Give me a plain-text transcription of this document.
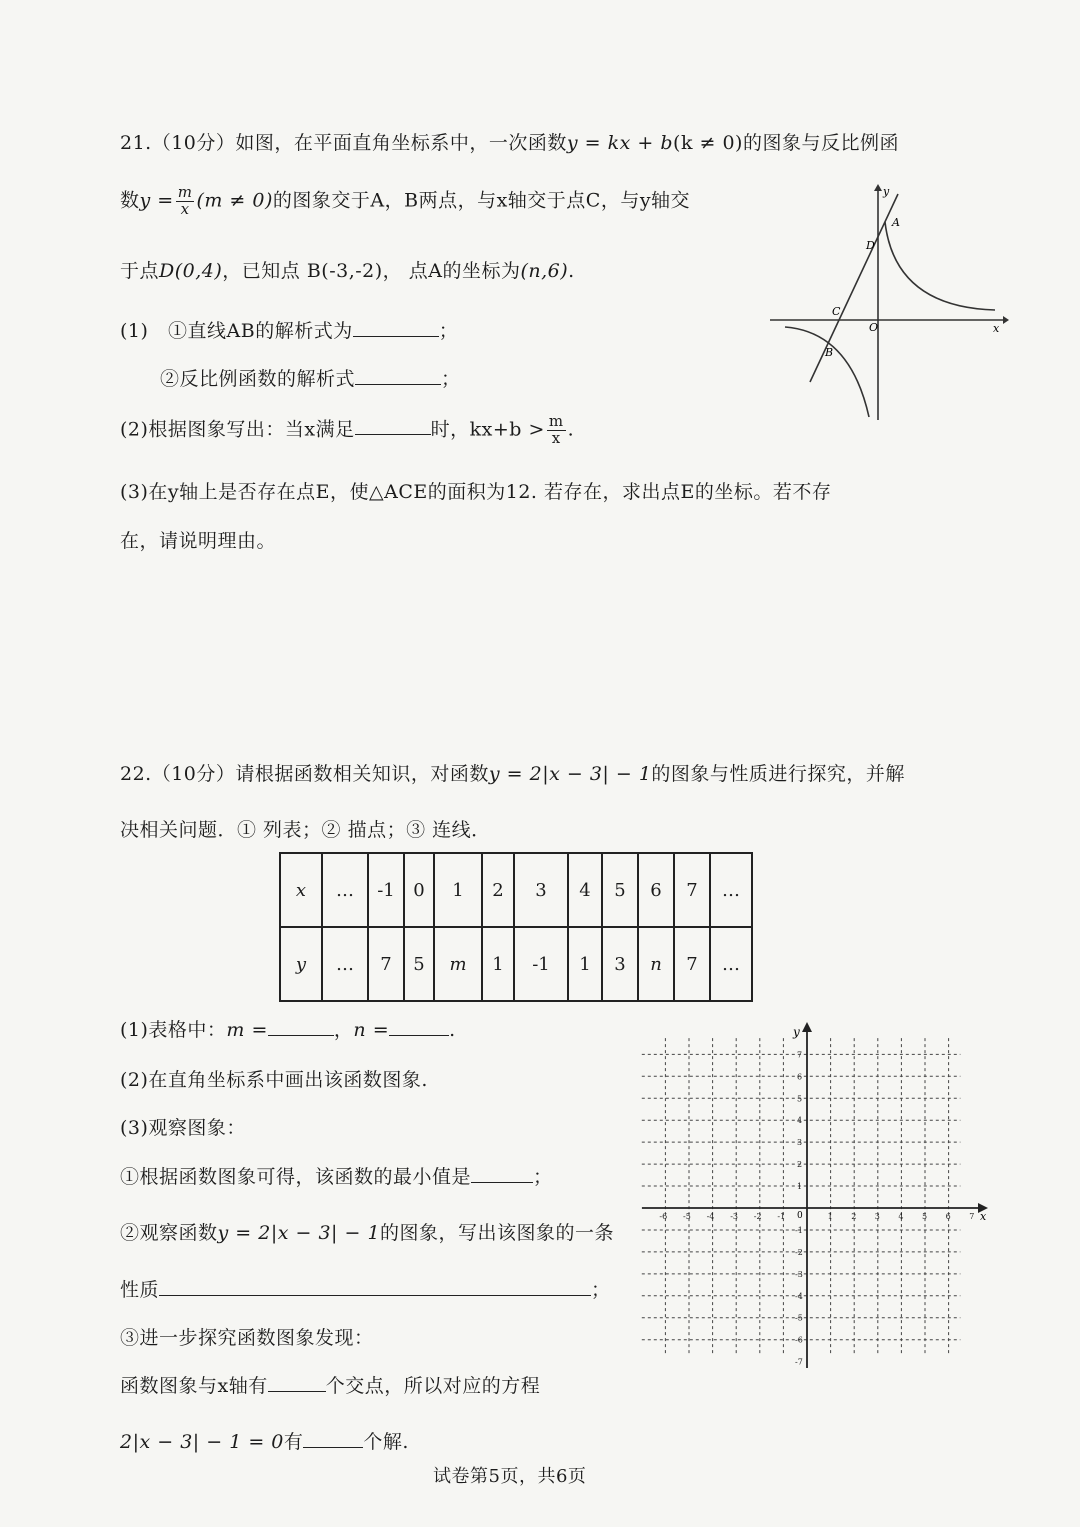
21.（10分）如图，在平面直角坐标系中，一次函数y = kx + b(k ≠ 0)的图象与反比例函
数$y = \frac{m}{x} (m \ne 0)$的图象交于A，B两点，与x轴交于点C，与y轴交
于点D(0,4)，已知点 B(-3,-2)， 点A的坐标为(n,6).
(1) ①直线AB的解析式为	；
②反比例函数的解析式	；
(2)根据图象写出：当x满足	时，$kx+b > \frac{m}{x}$ .
(3)在y轴上是否存在点E，使△ACE的面积为12. 若存在，求出点E的坐标。若不存
在，请说明理由。
y
x
O
A
B
C
D
22.（10分）请根据函数相关知识，对函数y = 2|x − 3| − 1的图象与性质进行探究，并解
决相关问题．① 列表；② 描点；③ 连线．
x	…	-1	0	1	2	3	4	5	6	7	…
y	…	7	5	m	1	-1	1	3	n	7	…
(1)表格中：m =	，n =	.
(2)在直角坐标系中画出该函数图象.
(3)观察图象：
①根据函数图象可得，该函数的最小值是	；
②观察函数y = 2|x − 3| − 1的图象，写出该图象的一条
性质	；
③进一步探究函数图象发现：
函数图象与x轴有	个交点，所以对应的方程
2|x − 3| − 1 = 0有	个解.
x
y
0	1 2 3 4 5 6 7
-1
-2
-3
-4
-5
-6
1
2
3
4
5
6
7
-1
-2
-3
-4
-5
-6
-7
试卷第5页，共6页
